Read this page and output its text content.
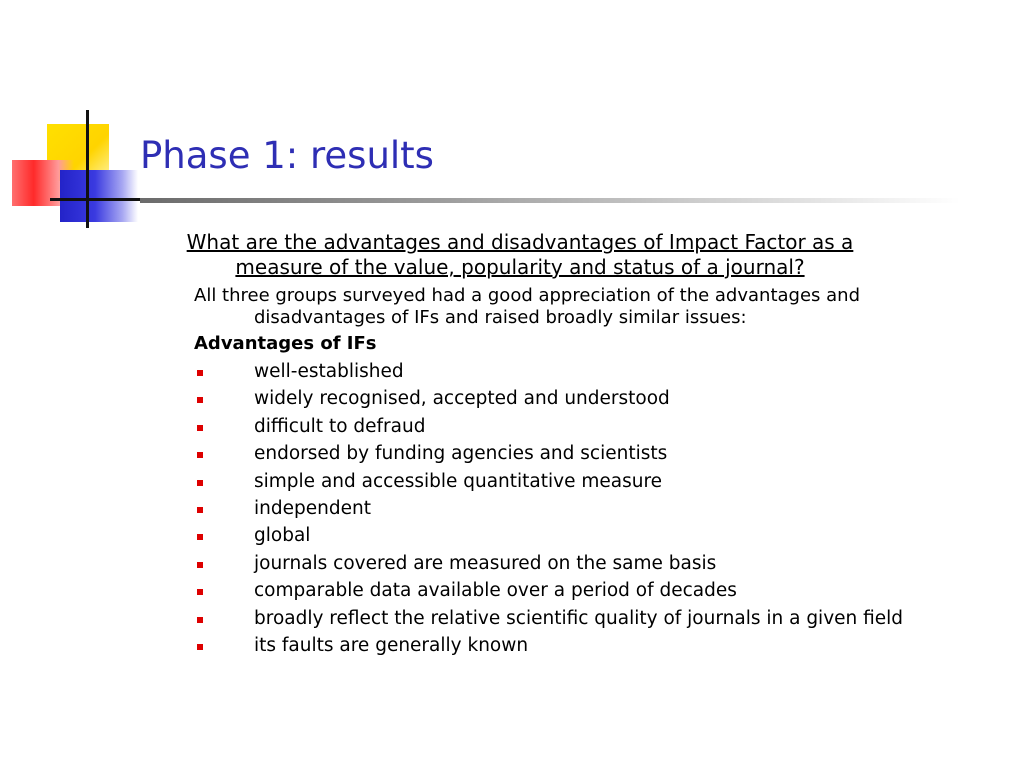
Phase 1: results
What are the advantages and disadvantages of Impact Factor as a measure of the value, popularity and status of a journal?
All three groups surveyed had a good appreciation of the advantages and disadvantages of IFs and raised broadly similar issues:
Advantages of IFs
well-established
widely recognised, accepted and understood
difficult to defraud
endorsed by funding agencies and scientists
simple and accessible quantitative measure
independent
global
journals covered are measured on the same basis
comparable data available over a period of decades
broadly reflect the relative scientific quality of journals in a given field
its faults are generally known
